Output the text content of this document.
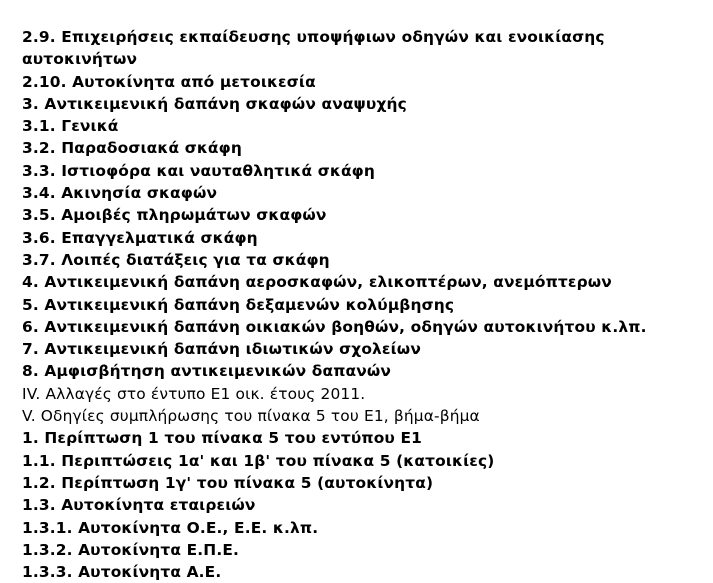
2.9. Επιχειρήσεις εκπαίδευσης υποψήφιων οδηγών και ενοικίασης αυτοκινήτων
2.10. Αυτοκίνητα από μετοικεσία
3. Αντικειμενική δαπάνη σκαφών αναψυχής
3.1. Γενικά
3.2. Παραδοσιακά σκάφη
3.3. Ιστιοφόρα και ναυταθλητικά σκάφη
3.4. Ακινησία σκαφών
3.5. Αμοιβές πληρωμάτων σκαφών
3.6. Επαγγελματικά σκάφη
3.7. Λοιπές διατάξεις για τα σκάφη
4. Αντικειμενική δαπάνη αεροσκαφών, ελικοπτέρων, ανεμόπτερων
5. Αντικειμενική δαπάνη δεξαμενών κολύμβησης
6. Αντικειμενική δαπάνη οικιακών βοηθών, οδηγών αυτοκινήτου κ.λπ.
7. Αντικειμενική δαπάνη ιδιωτικών σχολείων
8. Αμφισβήτηση αντικειμενικών δαπανών
IV. Αλλαγές στο έντυπο Ε1 οικ. έτους 2011.
V. Οδηγίες συμπλήρωσης του πίνακα 5 του Ε1, βήμα-βήμα
1. Περίπτωση 1 του πίνακα 5 του εντύπου Ε1
1.1. Περιπτώσεις 1α' και 1β' του πίνακα 5 (κατοικίες)
1.2. Περίπτωση 1γ' του πίνακα 5 (αυτοκίνητα)
1.3. Αυτοκίνητα εταιρειών
1.3.1. Αυτοκίνητα Ο.Ε., Ε.Ε. κ.λπ.
1.3.2. Αυτοκίνητα Ε.Π.Ε.
1.3.3. Αυτοκίνητα Α.Ε.
